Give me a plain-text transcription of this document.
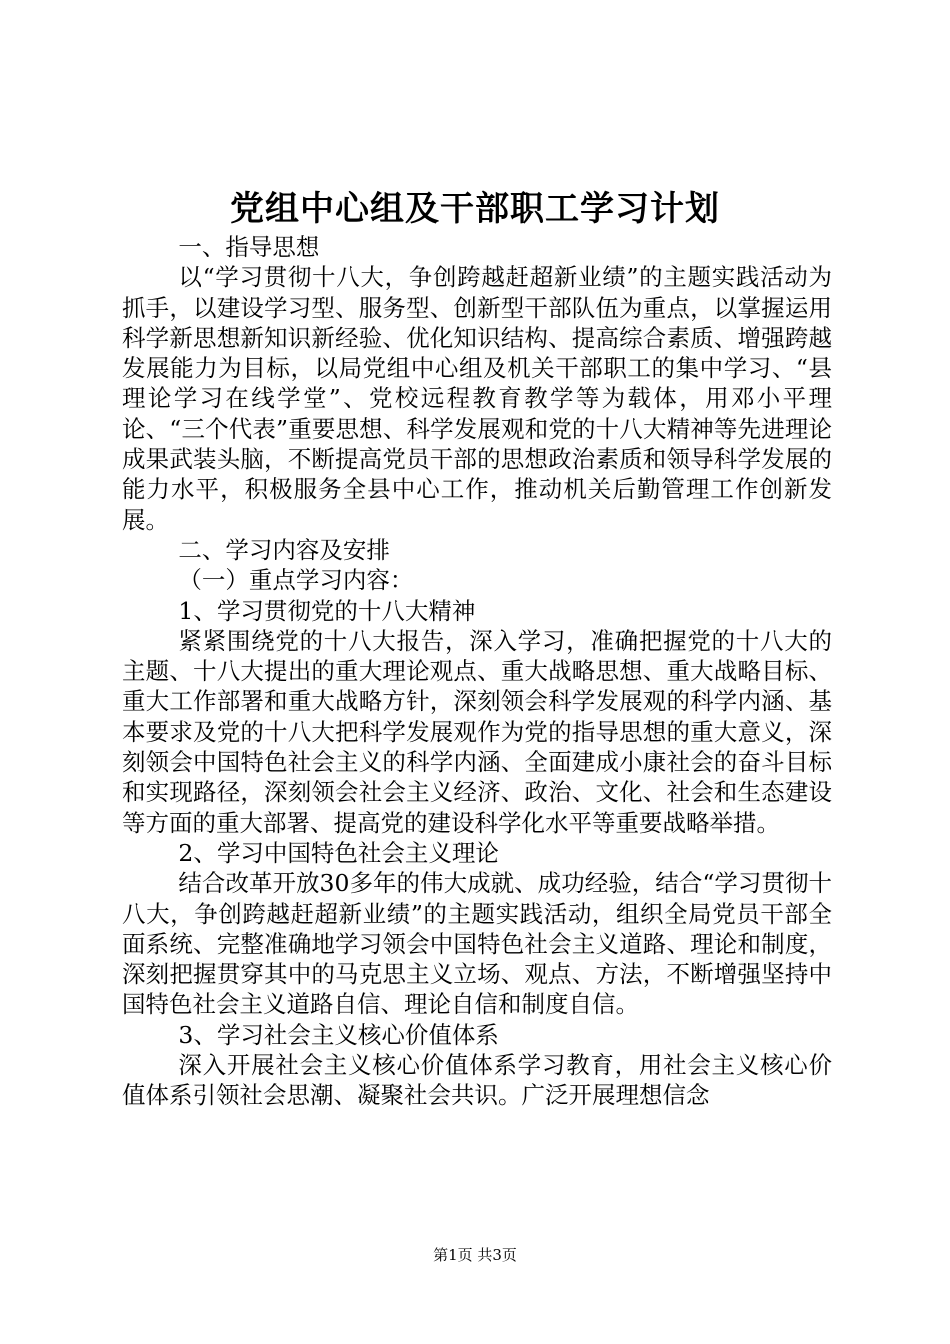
党组中心组及干部职工学习计划

一、指导思想

以“学习贯彻十八大，争创跨越赶超新业绩”的主题实践活动为抓手，以建设学习型、服务型、创新型干部队伍为重点，以掌握运用科学新思想新知识新经验、优化知识结构、提高综合素质、增强跨越发展能力为目标，以局党组中心组及机关干部职工的集中学习、“县理论学习在线学堂”、党校远程教育教学等为载体，用邓小平理论、“三个代表”重要思想、科学发展观和党的十八大精神等先进理论成果武装头脑，不断提高党员干部的思想政治素质和领导科学发展的能力水平，积极服务全县中心工作，推动机关后勤管理工作创新发展。

二、学习内容及安排

（一）重点学习内容：

1、学习贯彻党的十八大精神

紧紧围绕党的十八大报告，深入学习，准确把握党的十八大的主题、十八大提出的重大理论观点、重大战略思想、重大战略目标、重大工作部署和重大战略方针，深刻领会科学发展观的科学内涵、基本要求及党的十八大把科学发展观作为党的指导思想的重大意义，深刻领会中国特色社会主义的科学内涵、全面建成小康社会的奋斗目标和实现路径，深刻领会社会主义经济、政治、文化、社会和生态建设等方面的重大部署、提高党的建设科学化水平等重要战略举措。

2、学习中国特色社会主义理论

结合改革开放30多年的伟大成就、成功经验，结合“学习贯彻十八大，争创跨越赶超新业绩”的主题实践活动，组织全局党员干部全面系统、完整准确地学习领会中国特色社会主义道路、理论和制度，深刻把握贯穿其中的马克思主义立场、观点、方法，不断增强坚持中国特色社会主义道路自信、理论自信和制度自信。

3、学习社会主义核心价值体系

深入开展社会主义核心价值体系学习教育，用社会主义核心价值体系引领社会思潮、凝聚社会共识。广泛开展理想信念

第1页 共3页
